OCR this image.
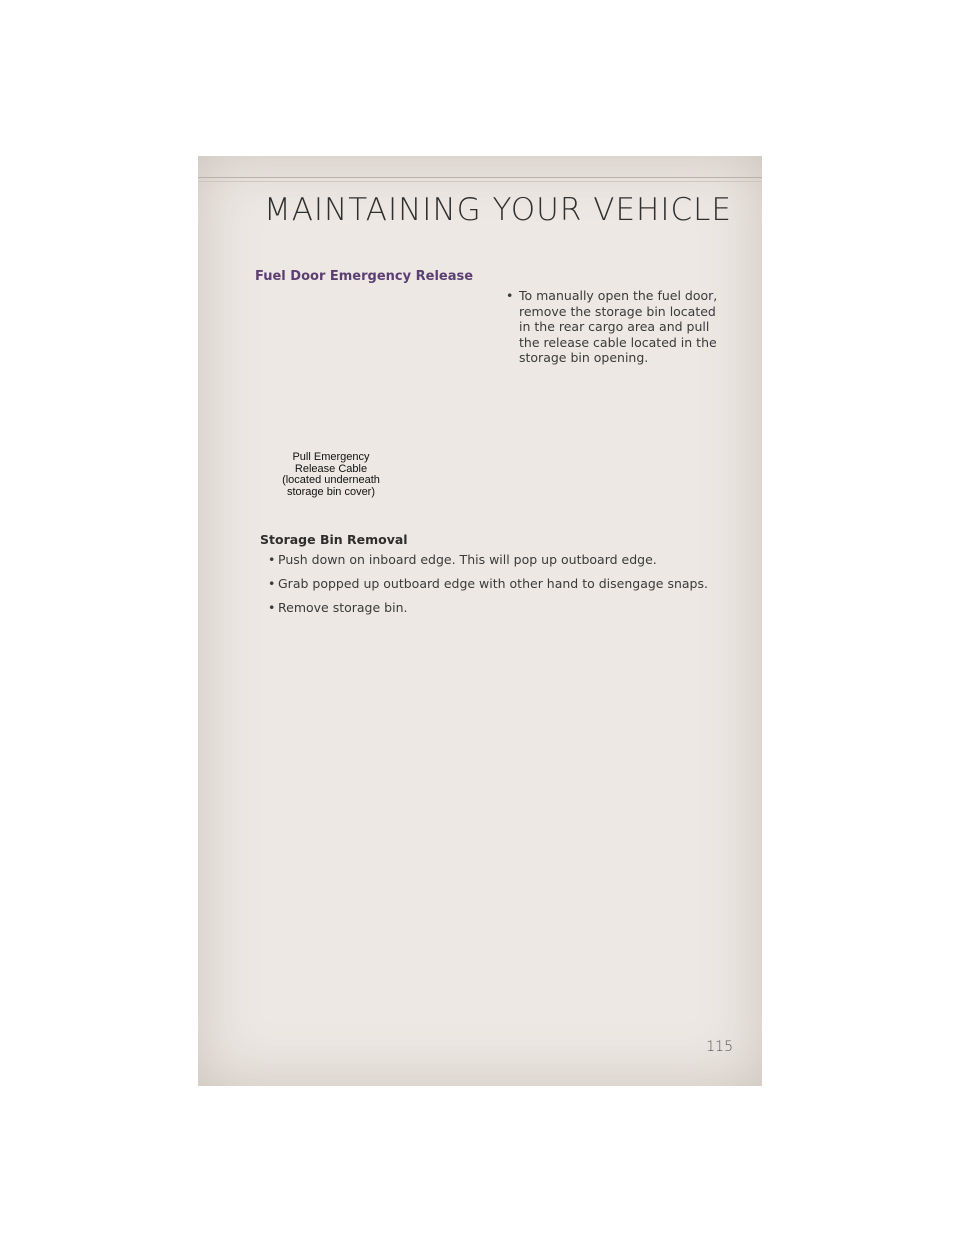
MAINTAINING YOUR VEHICLE
Fuel Door Emergency Release
• To manually open the fuel door, remove the storage bin located in the rear cargo area and pull the release cable located in the storage bin opening.
Pull Emergency
Release Cable
(located underneath
storage bin cover)
Storage Bin Removal
• Push down on inboard edge. This will pop up outboard edge.
• Grab popped up outboard edge with other hand to disengage snaps.
• Remove storage bin.
115
